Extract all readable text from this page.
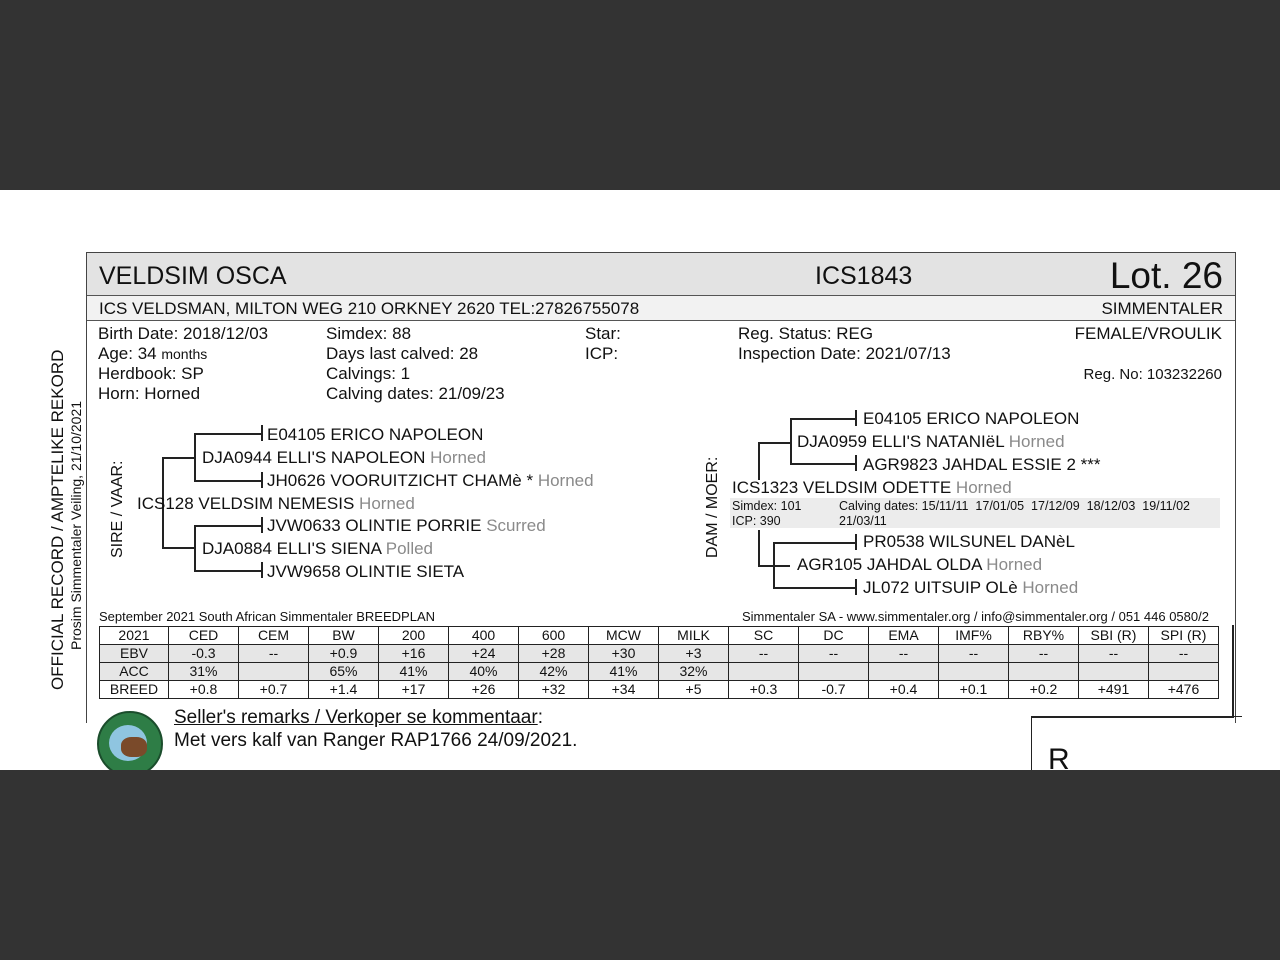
OFFICIAL RECORD / AMPTELIKE REKORD Prosim Simmentaler Veiling, 21/10/2021
VELDSIM OSCA	ICS1843	Lot. 26
ICS VELDSMAN, MILTON WEG 210 ORKNEY 2620 TEL:27826755078	SIMMENTALER
Birth Date: 2018/12/03
Age: 34 months
Herdbook: SP
Horn: Horned
Simdex: 88
Days last calved: 28
Calvings: 1
Calving dates: 21/09/23
Star:
ICP:
Reg. Status: REG
Inspection Date: 2021/07/13
FEMALE/VROULIK
Reg. No: 103232260
SIRE / VAAR:	DAM / MOER:
E04105 ERICO NAPOLEON
DJA0944 ELLI'S NAPOLEON Horned
JH0626 VOORUITZICHT CHAMè * Horned
ICS128 VELDSIM NEMESIS Horned
JVW0633 OLINTIE PORRIE Scurred
DJA0884 ELLI'S SIENA Polled
JVW9658 OLINTIE SIETA
E04105 ERICO NAPOLEON
DJA0959 ELLI'S NATANIëL Horned
AGR9823 JAHDAL ESSIE 2 ***
ICS1323 VELDSIM ODETTE Horned
Simdex: 101
ICP: 390
Calving dates: 15/11/11  17/01/05  17/12/09  18/12/03  19/11/02
21/03/11
PR0538 WILSUNEL DANèL
AGR105 JAHDAL OLDA Horned
JL072 UITSUIP OLè Horned
September 2021 South African Simmentaler BREEDPLAN	Simmentaler SA - www.simmentaler.org / info@simmentaler.org / 051 446 0580/2
2021	CED	CEM	BW	200	400	600	MCW	MILK	SC	DC	EMA	IMF%	RBY%	SBI (R)	SPI (R)
EBV	-0.3	--	+0.9	+16	+24	+28	+30	+3	--	--	--	--	--	--	--
ACC	31%		65%	41%	40%	42%	41%	32%							
BREED	+0.8	+0.7	+1.4	+17	+26	+32	+34	+5	+0.3	-0.7	+0.4	+0.1	+0.2	+491	+476
Seller's remarks / Verkoper se kommentaar:
Met vers kalf van Ranger RAP1766 24/09/2021.
R
